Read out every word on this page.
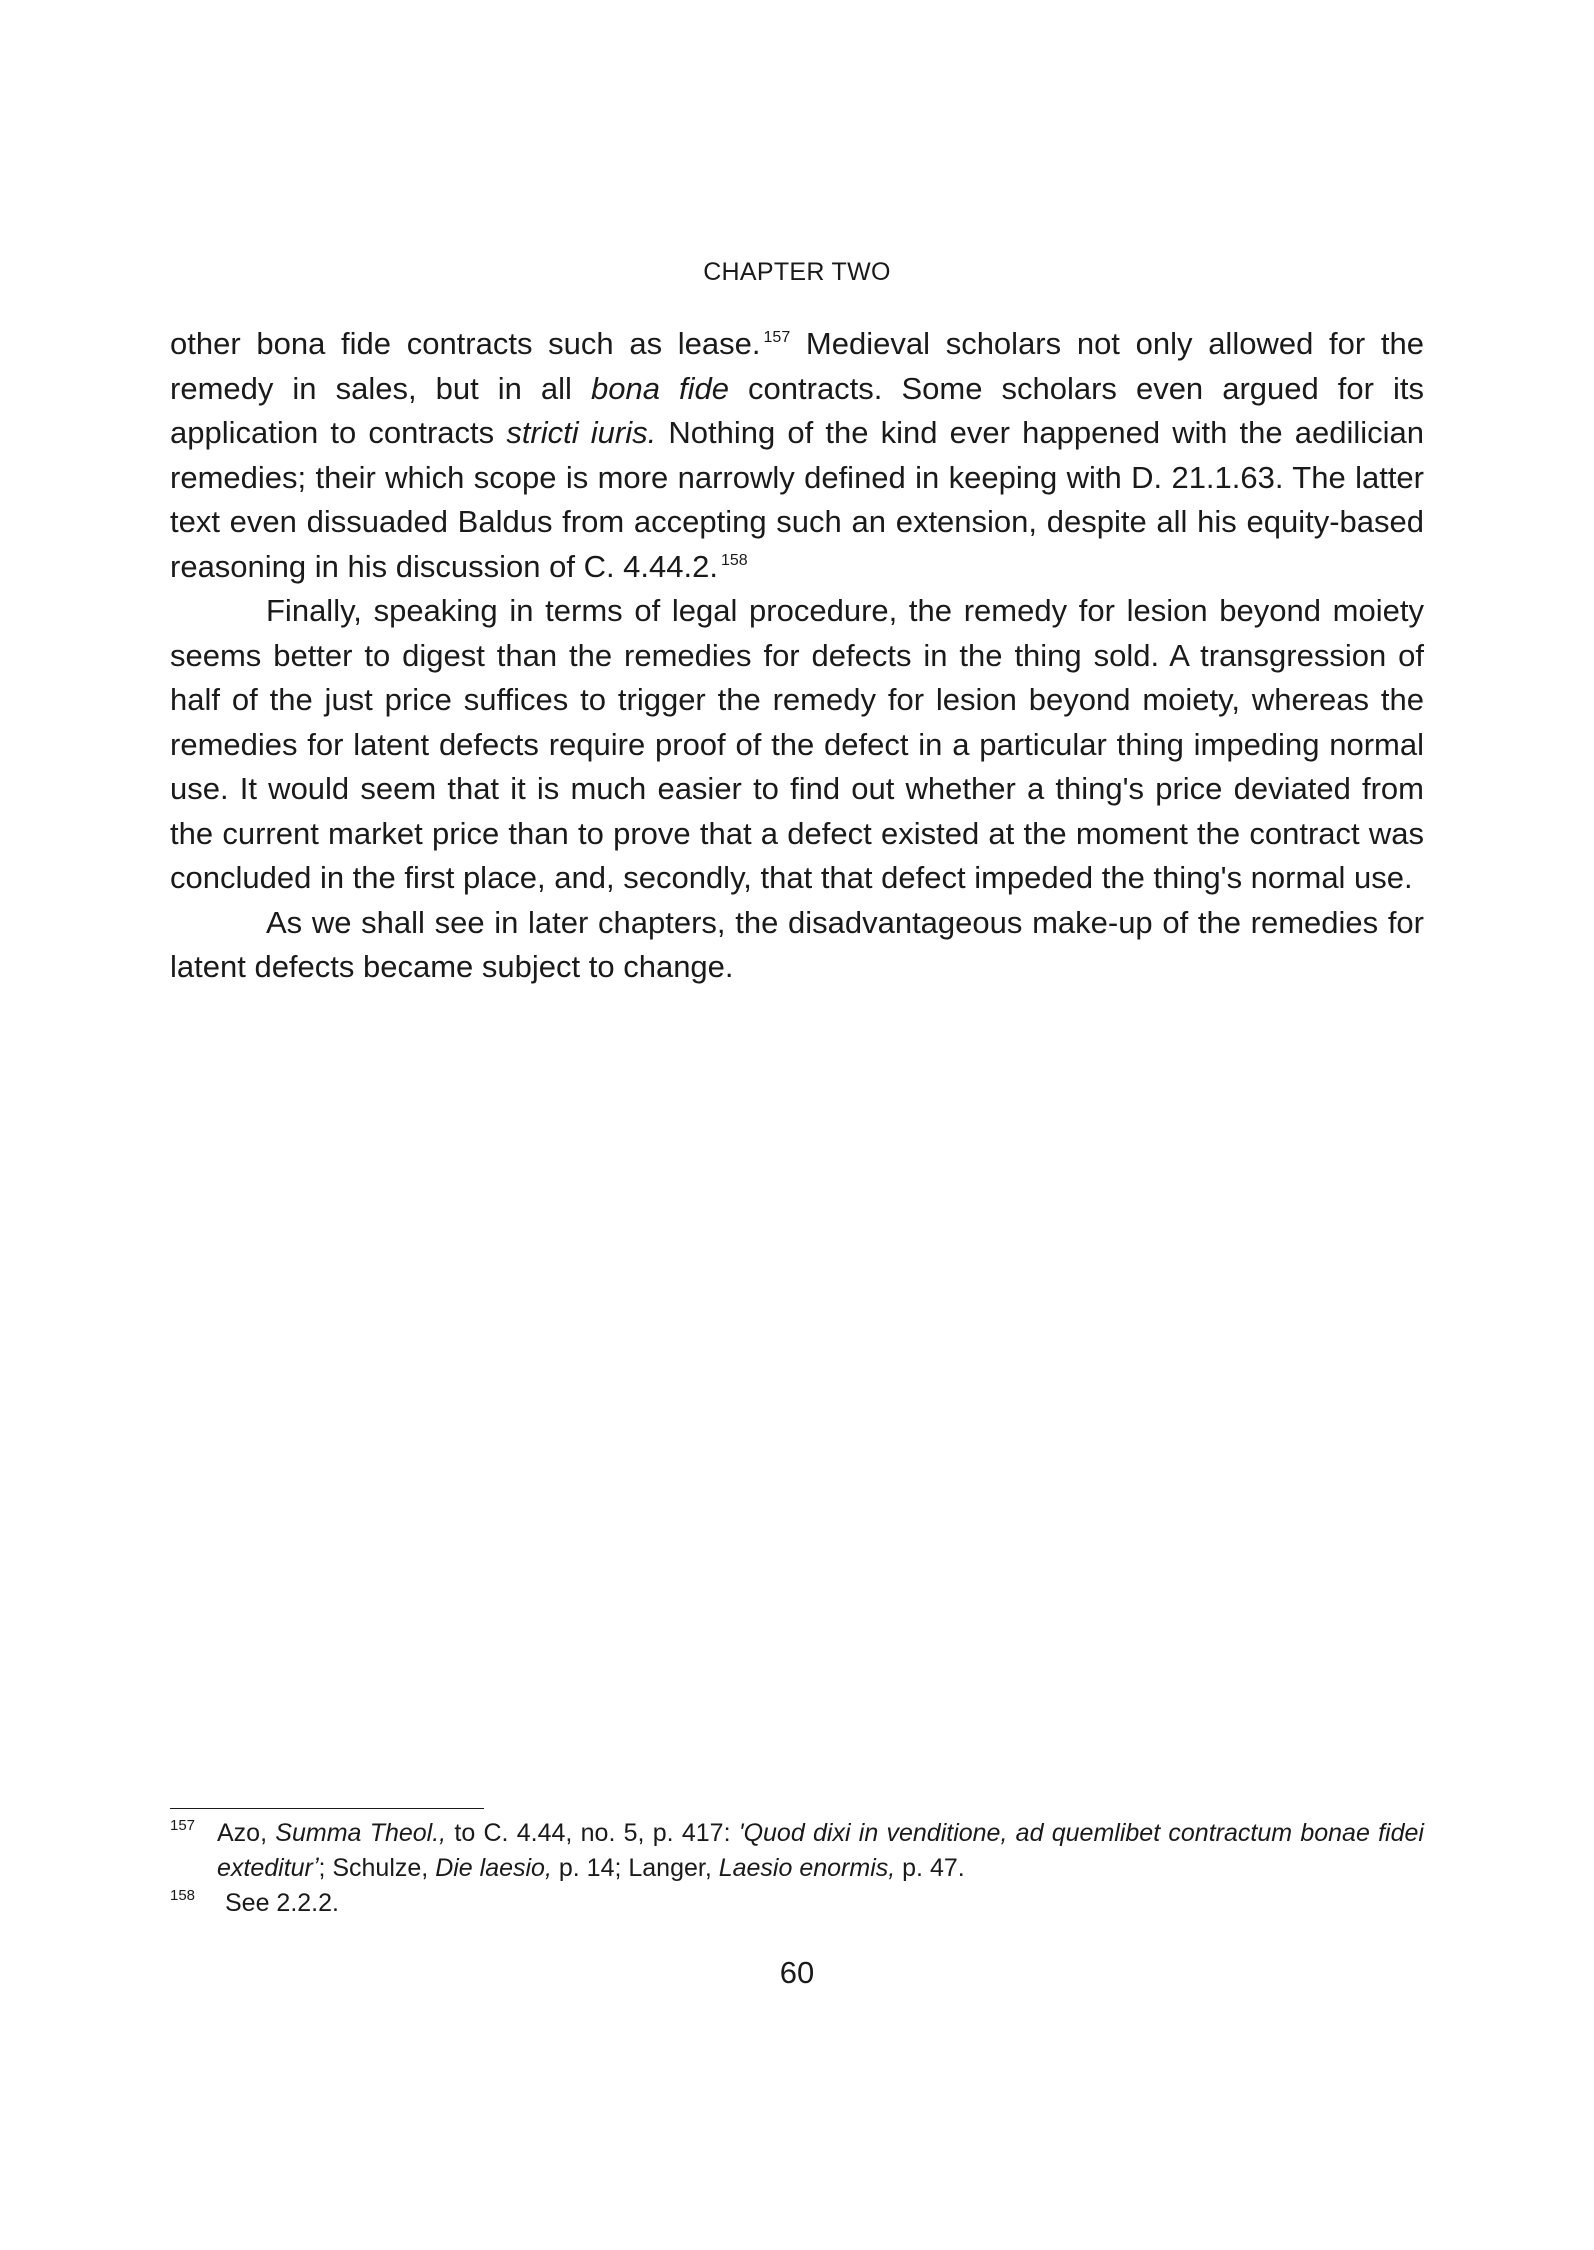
CHAPTER TWO

other bona fide contracts such as lease. $^{157}$ Medieval scholars not only allowed for the remedy in sales, but in all bona fide contracts. Some scholars even argued for its application to contracts stricti iuris. Nothing of the kind ever happened with the aedilician remedies; their which scope is more narrowly defined in keeping with D. 21.1.63. The latter text even dissuaded Baldus from accepting such an extension, despite all his equity-based reasoning in his discussion of C. 4.44.2. $^{158}$

Finally, speaking in terms of legal procedure, the remedy for lesion beyond moiety seems better to digest than the remedies for defects in the thing sold. A transgression of half of the just price suffices to trigger the remedy for lesion beyond moiety, whereas the remedies for latent defects require proof of the defect in a particular thing impeding normal use. It would seem that it is much easier to find out whether a thing's price deviated from the current market price than to prove that a defect existed at the moment the contract was concluded in the first place, and, secondly, that that defect impeded the thing's normal use.

As we shall see in later chapters, the disadvantageous make-up of the remedies for latent defects became subject to change.

157 Azo, Summa Theol., to C. 4.44, no. 5, p. 417: 'Quod dixi in venditione, ad quemlibet contractum bonae fidei extediturʼ; Schulze, Die laesio, p. 14; Langer, Laesio enormis, p. 47.

158 See 2.2.2.

60
